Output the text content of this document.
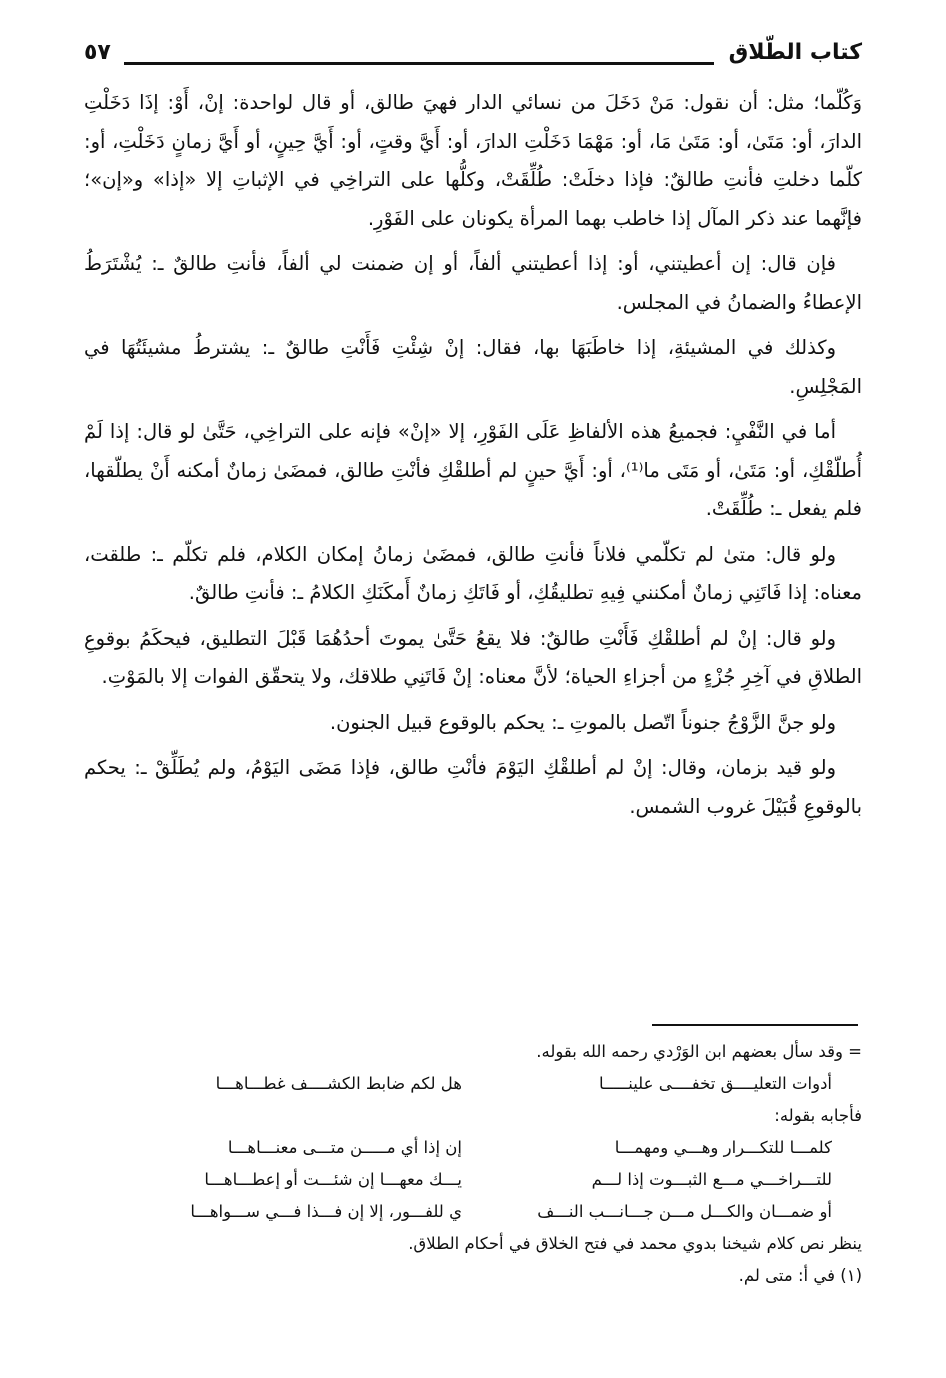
كتاب الطّلاق
٥٧

وَكُلّما؛ مثل: أن نقول: مَنْ دَخَلَ من نسائي الدار فهيَ طالق، أو قال لواحدة: إنْ، أَوْ: إذَا دَخَلْتِ الدارَ، أو: مَتَىٰ، أو: مَتَىٰ مَا، أو: مَهْمَا دَخَلْتِ الدارَ، أو: أَيَّ وقتٍ، أو: أَيَّ حِينٍ، أو أَيَّ زمانٍ دَخَلْتِ، أو: كلّما دخلتِ فأنتِ طالقٌ: فإذا دخلَتْ: طُلِّقَتْ، وكلُّها على التراخِي في الإثباتِ إلا «إذا» و«إن»؛ فإنَّهما عند ذكر المآل إذا خاطب بهما المرأة يكونان على الفَوْرِ.

فإن قال: إن أعطيتني، أو: إذا أعطيتني ألفاً، أو إن ضمنت لي ألفاً، فأنتِ طالقٌ ـ: يُشْتَرَطُ الإعطاءُ والضمانُ في المجلس.

وكذلك في المشيئةِ، إذا خاطَبَهَا بها، فقال: إنْ شِئْتِ فَأَنْتِ طالقٌ ـ: يشترطُ مشيئَتُهَا في المَجْلِسِ.

أما في النَّفْيِ: فجميعُ هذه الألفاظِ عَلَى الفَوْرِ، إلا «إنْ» فإنه على التراخِي، حَتَّىٰ لو قال: إذا لَمْ أُطلّقْكِ، أو: مَتَىٰ، أو مَتَى ما⁽¹⁾، أو: أَيَّ حينٍ لم أطلقْكِ فأنْتِ طالق، فمضَىٰ زمانٌ أمكنه أَنْ يطلّقها، فلم يفعل ـ: طُلِّقَتْ.

ولو قال: متىٰ لم تكلّمي فلاناً فأنتِ طالق، فمضَىٰ زمانُ إمكان الكلام، فلم تكلّم ـ: طلقت، معناه: إذا فَاتَنِي زمانٌ أمكنني فِيهِ تطليقُكِ، أو فَاتَكِ زمانٌ أَمكَنَكِ الكلامُ ـ: فأنتِ طالقٌ.

ولو قال: إنْ لم أطلقْكِ فَأَنْتِ طالقٌ: فلا يقعُ حَتَّىٰ يموتَ أحدُهُمَا قَبْلَ التطليق، فيحكَمُ بوقوعِ الطلاقِ في آخِرِ جُزْءٍ من أجزاءِ الحياة؛ لأنَّ معناه: إنْ فَاتَنِي طلاقك، ولا يتحقّق الفوات إلا بالمَوْتِ.

ولو جنَّ الزَّوْجُ جنوناً اتّصل بالموتِ ـ: يحكم بالوقوع قبيل الجنون.

ولو قيد بزمان، وقال: إنْ لم أطلقْكِ اليَوْمَ فأنْتِ طالق، فإذا مَضَى اليَوْمُ، ولم يُطَلِّقْ ـ: يحكم بالوقوعِ قُبَيْلَ غروب الشمس.

= وقد سأل بعضهم ابن الوَرْدي رحمه الله بقوله.
أدوات التعليــــق تخفــــى علينـــــا
هل لكم ضابط الكشــــف غطـــاهـــا
فأجابه بقوله:
كلمـــا للتكـــرار وهـــي ومهمـــا
إن إذا أي مـــــن متـــى معنـــاهـــا
للتـــراخـــي مـــع الثبـــوت إذا لـــم
يـــك معهـــا إن شئـــت أو إعطـــاهـــا
أو ضمـــان والكـــل مـــن جـــانـــب النـــف
ي للفـــور، إلا إن فـــذا فـــي ســـواهـــا
ينظر نص كلام شيخنا بدوي محمد في فتح الخلاق في أحكام الطلاق.
(١) في أ: متى لم.
